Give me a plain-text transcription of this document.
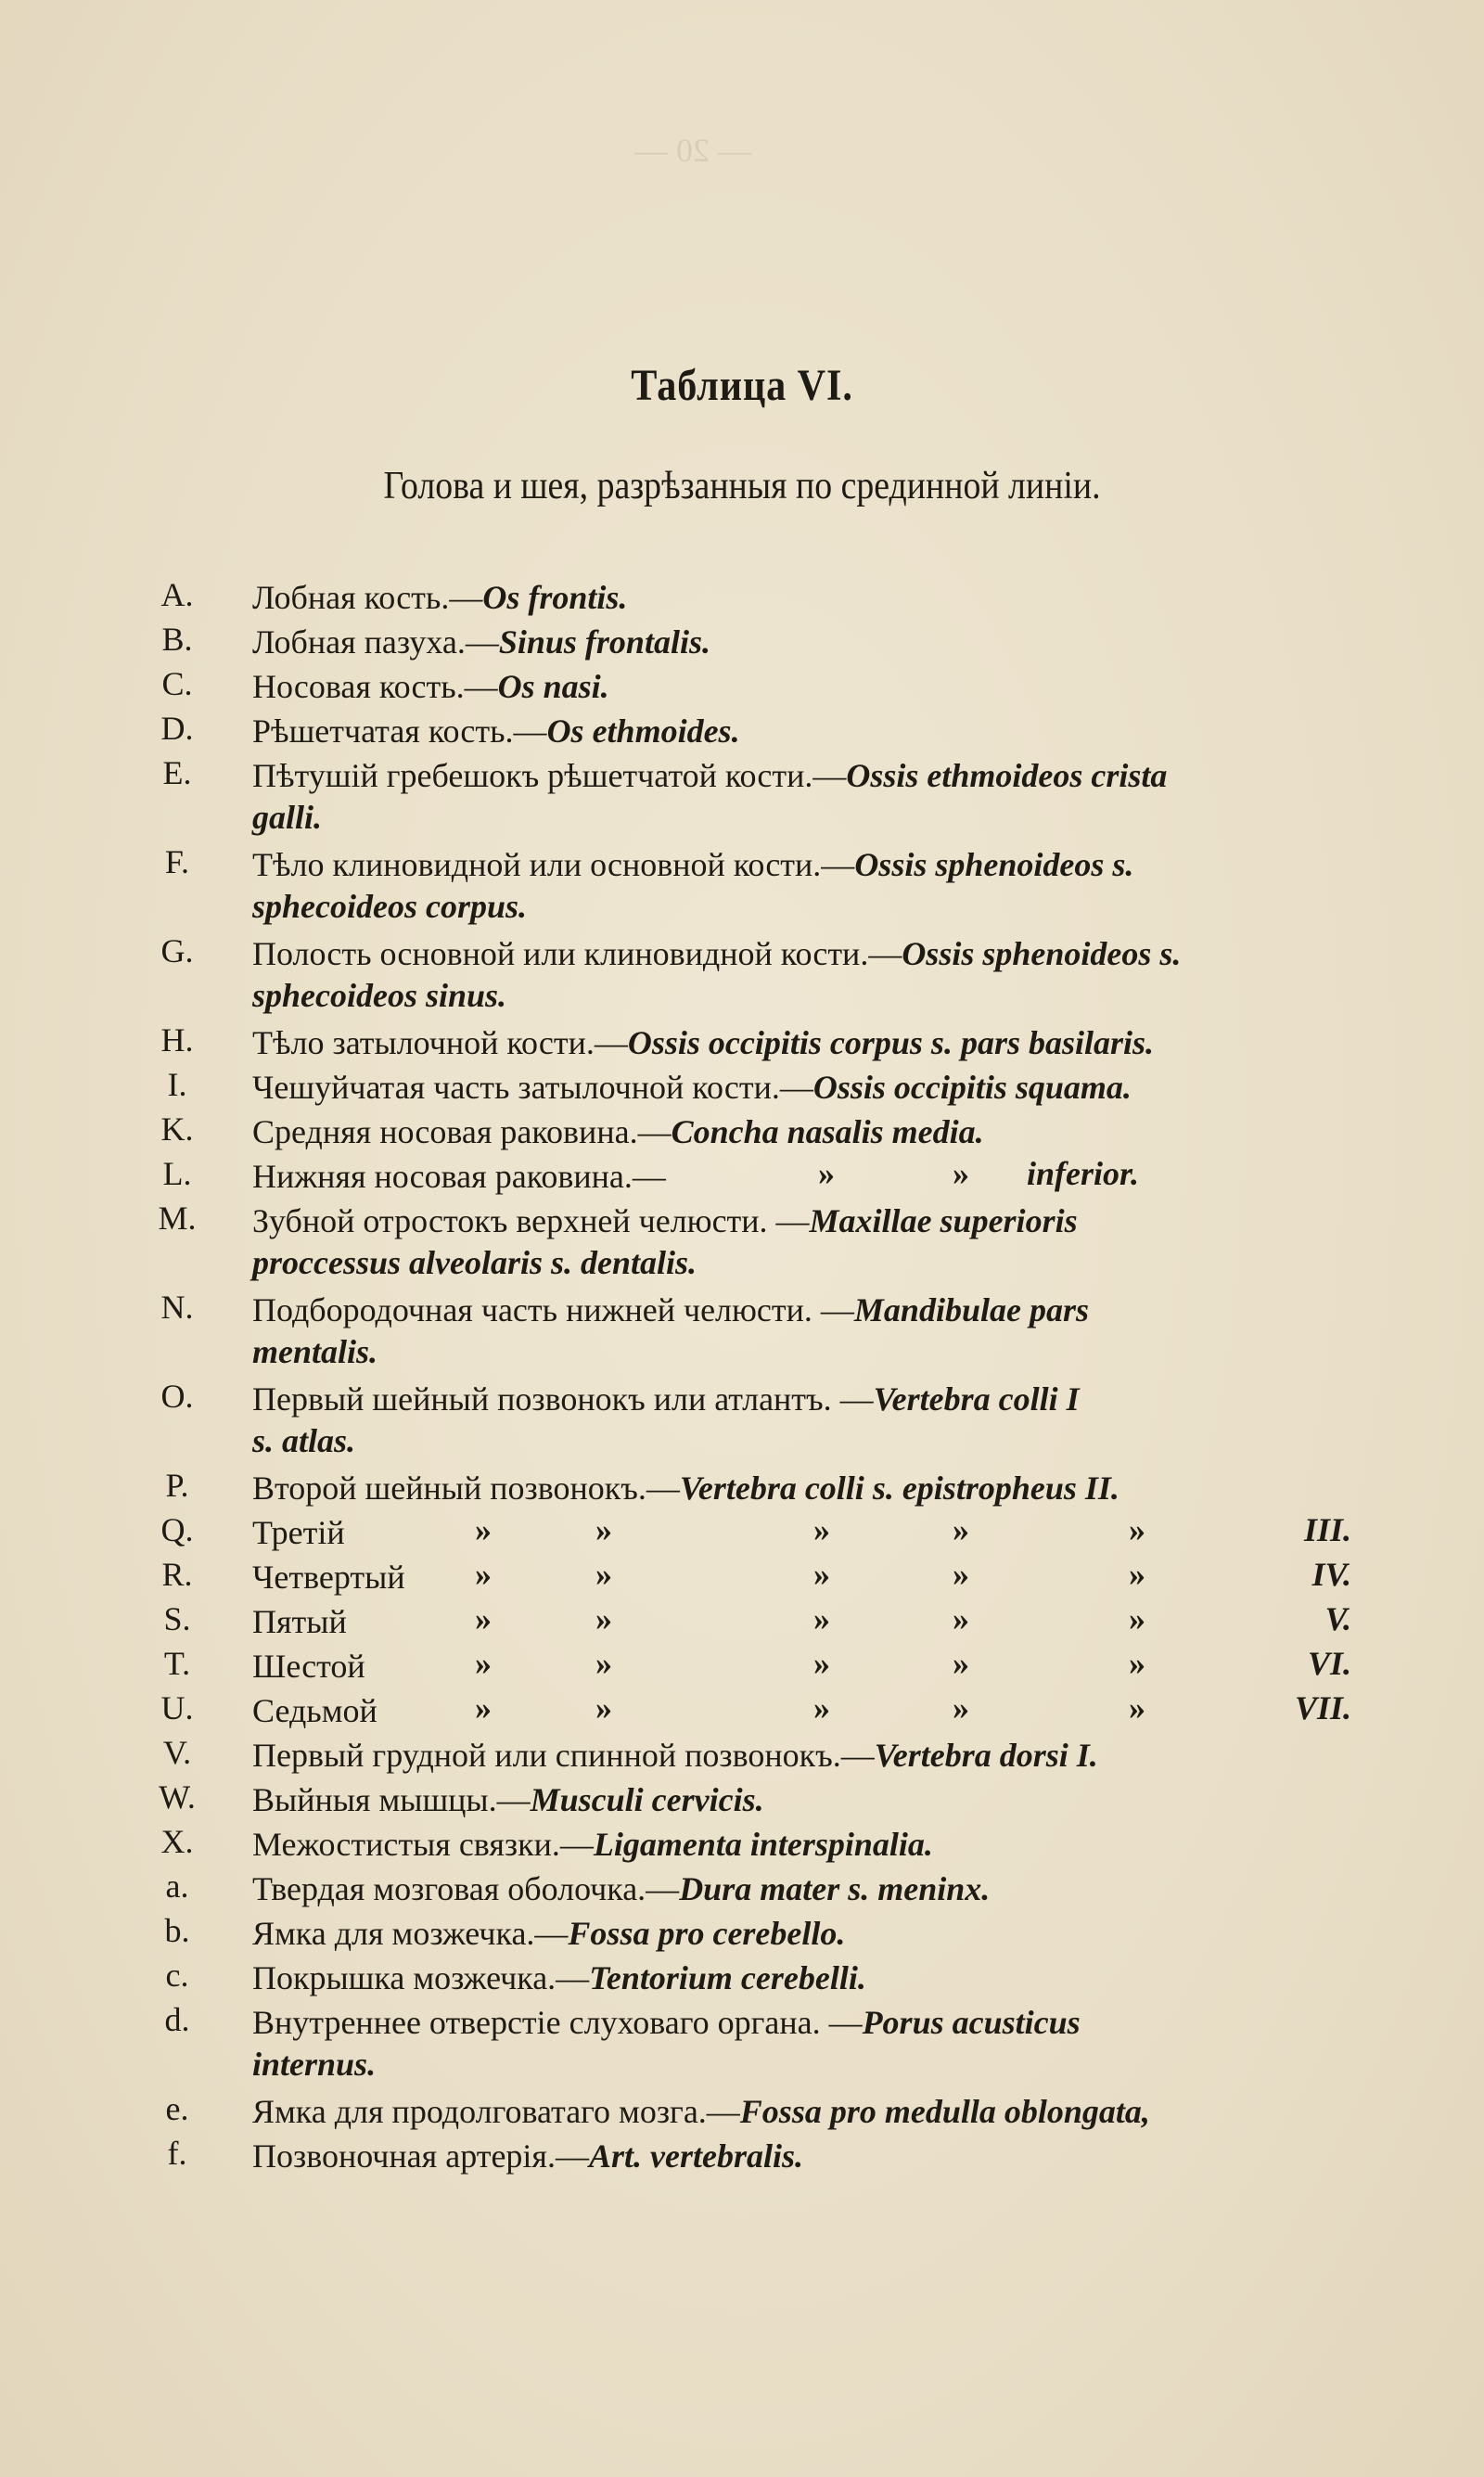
— 20 —
Таблица VI.
Голова и шея, разрѣзанныя по срединной линіи.
A.	Лобная кость.—Os frontis.
B.	Лобная пазуха.—Sinus frontalis.
C.	Носовая кость.—Os nasi.
D.	Рѣшетчатая кость.—Os ethmoides.
E.	Пѣтушій гребешокъ рѣшетчатой кости.—Ossis ethmoideos crista
galli.
F.	Тѣло клиновидной или основной кости.—Ossis sphenoideos s.
sphecoideos corpus.
G.	Полость основной или клиновидной кости.—Ossis sphenoideos s.
sphecoideos sinus.
H.	Тѣло затылочной кости.—Ossis occipitis corpus s. pars basilaris.
I.	Чешуйчатая часть затылочной кости.—Ossis occipitis squama.
K.	Средняя носовая раковина.—Concha nasalis media.
L.	Нижняя носовая раковина.—	»	» inferior.
M. Зубной отростокъ верхней челюсти. —Maxillae superioris
proccessus alveolaris s. dentalis.
N.	Подбородочная часть нижней челюсти. —Mandibulae pars
mentalis.
O.	Первый шейный позвонокъ или атлантъ. —Vertebra colli I
s. atlas.
P.	Второй шейный позвонокъ.—Vertebra colli s. epistropheus II.
Q.	Третій	»	»	»	»	»	III.
R.	Четвертый	»	»	»	»	»	IV.
S.	Пятый	»	»	»	»	»	V.
T.	Шестой	»	»	»	»	»	VI.
U.	Седьмой	»	»	»	»	»	VII.
V.	Первый грудной или спинной позвонокъ.—Vertebra dorsi I.
W.	Выйныя мышцы.—Musculi cervicis.
X.	Межостистыя связки.—Ligamenta interspinalia.
a.	Твердая мозговая оболочка.—Dura mater s. meninx.
b.	Ямка для мозжечка.—Fossa pro cerebello.
c.	Покрышка мозжечка.—Tentorium cerebelli.
d.	Внутреннее отверстіе слуховаго органа. —Porus acusticus
internus.
e.	Ямка для продолговатаго мозга.—Fossa pro medulla oblongata,
f.	Позвоночная артерія.—Art. vertebralis.
